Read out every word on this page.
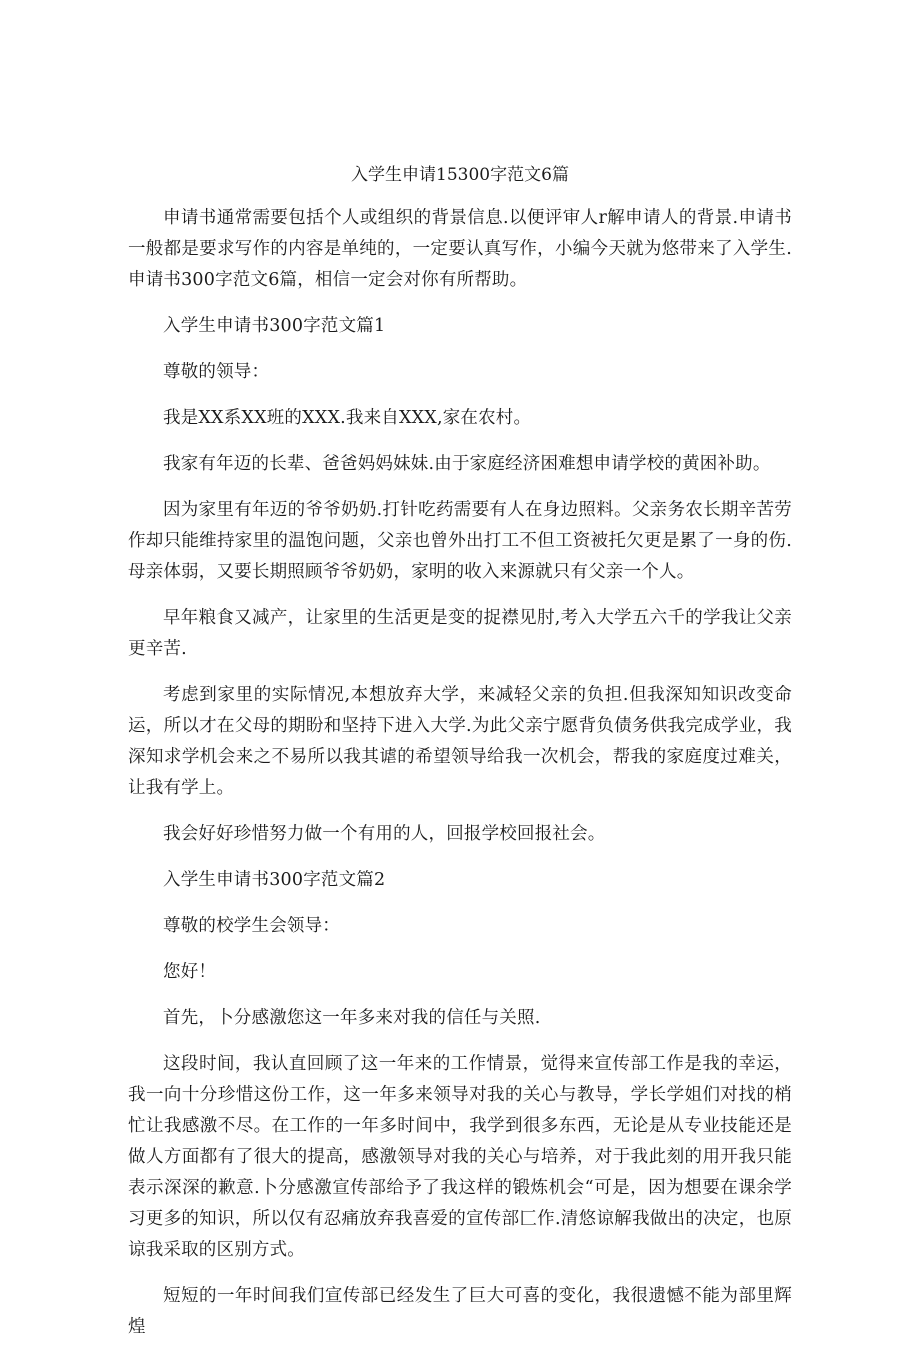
入学生申请15300字范文6篇

申请书通常需要包括个人或组织的背景信息.以便评审人r解申请人的背景.申请书一般都是要求写作的内容是单纯的，一定要认真写作，小编今天就为悠带来了入学生.申请书300字范文6篇，相信一定会对你有所帮助。

入学生申请书300字范文篇1

尊敬的领导：

我是XX系XX班的XXX.我来自XXX,家在农村。

我家有年迈的长辈、爸爸妈妈妹妹.由于家庭经济困难想申请学校的黄困补助。

因为家里有年迈的爷爷奶奶.打针吃药需要有人在身边照料。父亲务农长期辛苦劳作却只能维持家里的温饱问题，父亲也曾外出打工不但工资被托欠更是累了一身的伤.母亲体弱，又要长期照顾爷爷奶奶，家明的收入来源就只有父亲一个人。

早年粮食又减产，让家里的生活更是变的捉襟见肘,考入大学五六千的学我让父亲更辛苦.

考虑到家里的实际情况,本想放弃大学，来减轻父亲的负担.但我深知知识改变命运，所以才在父母的期盼和坚持下进入大学.为此父亲宁愿背负债务供我完成学业，我深知求学机会来之不易所以我其谑的希望领导给我一次机会，帮我的家庭度过难关，让我有学上。

我会好好珍惜努力做一个有用的人，回报学校回报社会。

入学生申请书300字范文篇2

尊敬的校学生会领导：

您好！

首先，卜分感激您这一年多来对我的信任与关照.

这段时间，我认直回顾了这一年来的工作情景，觉得来宣传部工作是我的幸运，我一向十分珍惜这份工作，这一年多来领导对我的关心与教导，学长学姐们对找的梢忙让我感激不尽。在工作的一年多时间中，我学到很多东西，无论是从专业技能还是做人方面都有了很大的提高，感激领导对我的关心与培养，对于我此刻的用开我只能表示深深的歉意.卜分感激宣传部给予了我这样的锻炼机会“可是，因为想要在课余学习更多的知识，所以仅有忍痛放弃我喜爱的宣传部匚作.清悠谅解我做出的决定，也原谅我采取的区别方式。

短短的一年时间我们宣传部已经发生了巨大可喜的变化，我很遗憾不能为部里辉煌
